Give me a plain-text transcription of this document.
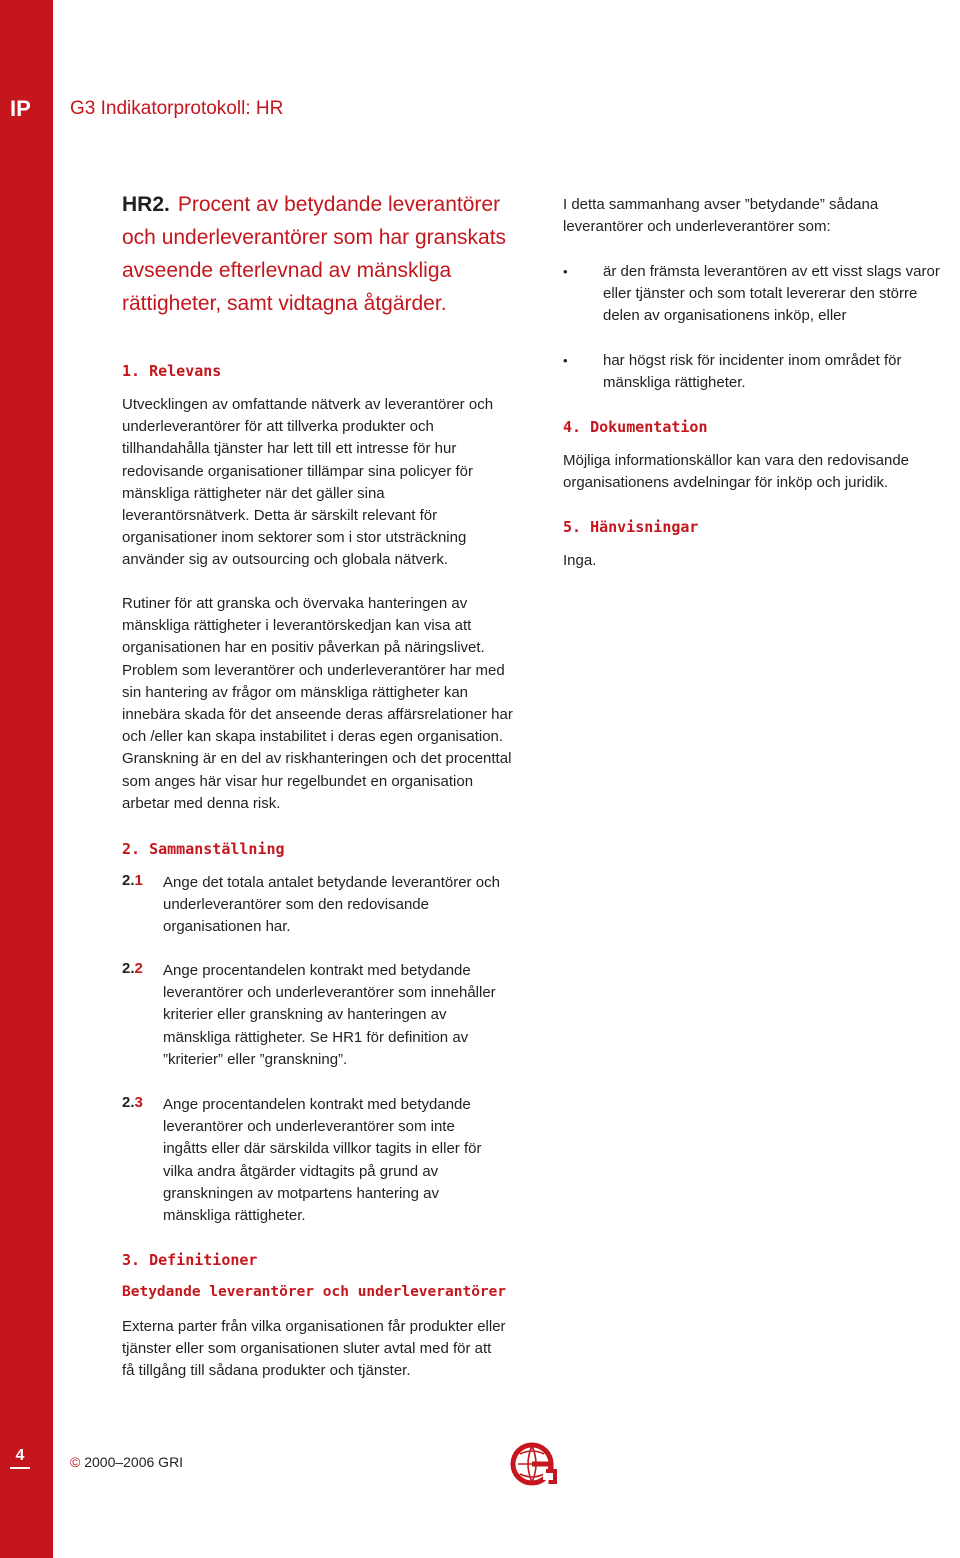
IP
4
G3 Indikatorprotokoll: HR

HR2. Procent av betydande leverantörer och underleverantörer som har granskats avseende efterlevnad av mänskliga rättigheter, samt vidtagna åtgärder.

1. Relevans

Utvecklingen av omfattande nätverk av leverantörer och underleverantörer för att tillverka produkter och tillhandahålla tjänster har lett till ett intresse för hur redovisande organisationer tillämpar sina policyer för mänskliga rättigheter när det gäller sina leverantörsnätverk. Detta är särskilt relevant för organisationer inom sektorer som i stor utsträckning använder sig av outsourcing och globala nätverk.

Rutiner för att granska och övervaka hanteringen av mänskliga rättigheter i leverantörskedjan kan visa att organisationen har en positiv påverkan på näringslivet. Problem som leverantörer och underleverantörer har med sin hantering av frågor om mänskliga rättigheter kan innebära skada för det anseende deras affärsrelationer har och /eller kan skapa instabilitet i deras egen organisation. Granskning är en del av riskhanteringen och det procenttal som anges här visar hur regelbundet en organisation arbetar med denna risk.

2. Sammanställning
2.1 Ange det totala antalet betydande leverantörer och underleverantörer som den redovisande organisationen har.

2.2 Ange procentandelen kontrakt med betydande leverantörer och underleverantörer som innehåller kriterier eller granskning av hanteringen av mänskliga rättigheter. Se HR1 för definition av ”kriterier” eller ”granskning”.

2.3 Ange procentandelen kontrakt med betydande leverantörer och underleverantörer som inte ingåtts eller där särskilda villkor tagits in eller för vilka andra åtgärder vidtagits på grund av granskningen av motpartens hantering av mänskliga rättigheter.

3. Definitioner
Betydande leverantörer och underleverantörer

Externa parter från vilka organisationen får produkter eller tjänster eller som organisationen sluter avtal med för att få tillgång till sådana produkter och tjänster.

I detta sammanhang avser ”betydande” sådana leverantörer och underleverantörer som:

• är den främsta leverantören av ett visst slags varor eller tjänster och som totalt levererar den större delen av organisationens inköp, eller

• har högst risk för incidenter inom området för mänskliga rättigheter.

4. Dokumentation

Möjliga informationskällor kan vara den redovisande organisationens avdelningar för inköp och juridik.

5. Hänvisningar

Inga.

© 2000–2006 GRI
